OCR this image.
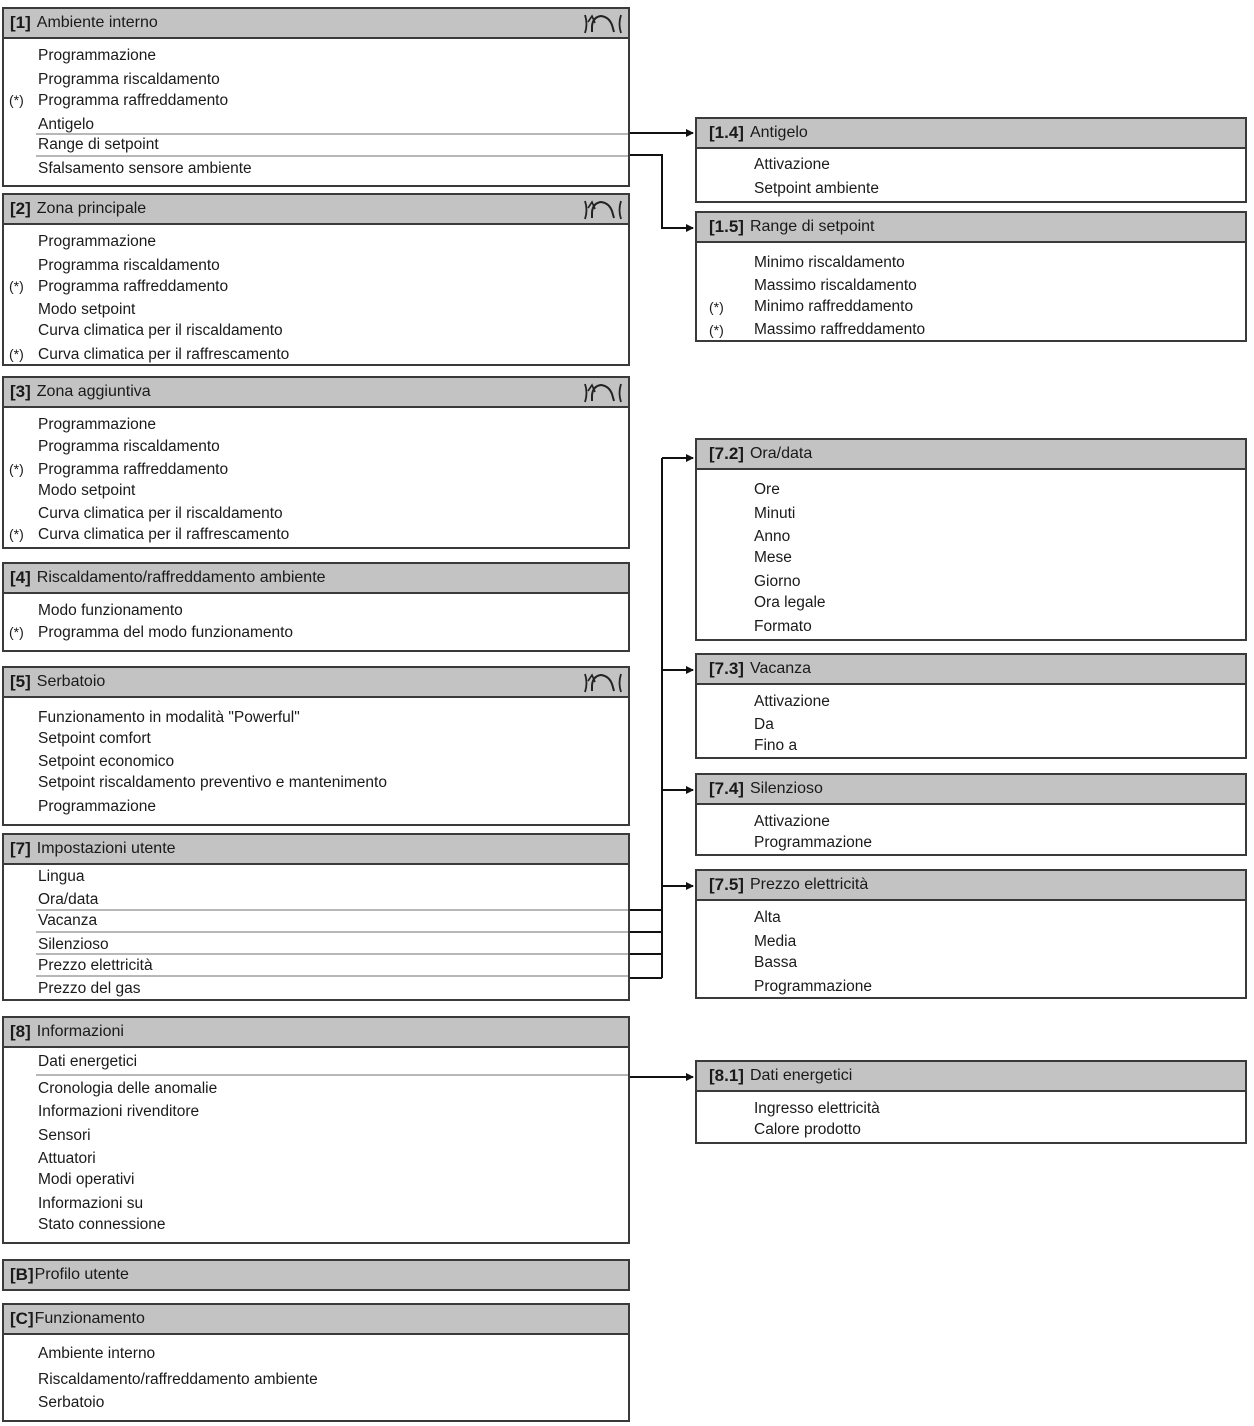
[1] Ambiente interno
Programmazione
Programma riscaldamento
(*) Programma raffreddamento
Antigelo
Range di setpoint
Sfalsamento sensore ambiente
[2] Zona principale
Programmazione
Programma riscaldamento
(*) Programma raffreddamento
Modo setpoint
Curva climatica per il riscaldamento
(*) Curva climatica per il raffrescamento
[3] Zona aggiuntiva
Programmazione
Programma riscaldamento
(*) Programma raffreddamento
Modo setpoint
Curva climatica per il riscaldamento
(*) Curva climatica per il raffrescamento
[4] Riscaldamento/raffreddamento ambiente
Modo funzionamento
(*) Programma del modo funzionamento
[5] Serbatoio
Funzionamento in modalità "Powerful"
Setpoint comfort
Setpoint economico
Setpoint riscaldamento preventivo e mantenimento
Programmazione
[7] Impostazioni utente
Lingua
Ora/data
Vacanza
Silenzioso
Prezzo elettricità
Prezzo del gas
[8] Informazioni
Dati energetici
Cronologia delle anomalie
Informazioni rivenditore
Sensori
Attuatori
Modi operativi
Informazioni su
Stato connessione
[B] Profilo utente
[C] Funzionamento
Ambiente interno
Riscaldamento/raffreddamento ambiente
Serbatoio
[1.4] Antigelo
Attivazione
Setpoint ambiente
[1.5] Range di setpoint
Minimo riscaldamento
Massimo riscaldamento
(*) Minimo raffreddamento
(*) Massimo raffreddamento
[7.2] Ora/data
Ore
Minuti
Anno
Mese
Giorno
Ora legale
Formato
[7.3] Vacanza
Attivazione
Da
Fino a
[7.4] Silenzioso
Attivazione
Programmazione
[7.5] Prezzo elettricità
Alta
Media
Bassa
Programmazione
[8.1] Dati energetici
Ingresso elettricità
Calore prodotto
